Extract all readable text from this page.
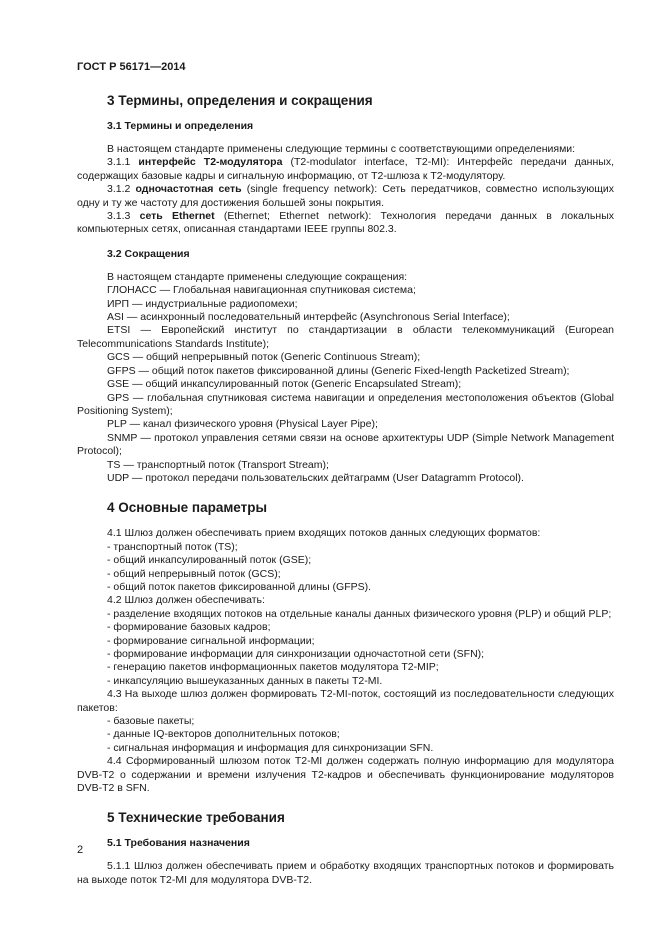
ГОСТ Р 56171—2014
3 Термины, определения и сокращения
3.1 Термины и определения

В настоящем стандарте применены следующие термины с соответствующими определениями:

3.1.1 интерфейс Т2-модулятора (T2-modulator interface, T2-MI): Интерфейс передачи данных, содержащих базовые кадры и сигнальную информацию, от Т2-шлюза к Т2-модулятору.

3.1.2 одночастотная сеть (single frequency network): Сеть передатчиков, совместно использующих одну и ту же частоту для достижения большей зоны покрытия.

3.1.3 сеть Ethernet (Ethernet; Ethernet network): Технология передачи данных в локальных компьютерных сетях, описанная стандартами IEEE группы 802.3.

3.2 Сокращения

В настоящем стандарте применены следующие сокращения:

ГЛОНАСС — Глобальная навигационная спутниковая система;

ИРП — индустриальные радиопомехи;

ASI — асинхронный последовательный интерфейс (Asynchronous Serial Interface);

ETSI — Европейский институт по стандартизации в области телекоммуникаций (European Telecommunications Standards Institute);

GCS — общий непрерывный поток (Generic Continuous Stream);

GFPS — общий поток пакетов фиксированной длины (Generic Fixed-length Packetized Stream);

GSE — общий инкапсулированный поток (Generic Encapsulated Stream);

GPS — глобальная спутниковая система навигации и определения местоположения объектов (Global Positioning System);

PLP — канал физического уровня (Physical Layer Pipe);

SNMP — протокол управления сетями связи на основе архитектуры UDP (Simple Network Management Protocol);

TS — транспортный поток (Transport Stream);

UDP — протокол передачи пользовательских дейтаграмм (User Datagramm Protocol).

4 Основные параметры

4.1 Шлюз должен обеспечивать прием входящих потоков данных следующих форматов:

- транспортный поток (TS);

- общий инкапсулированный поток (GSE);

- общий непрерывный поток (GCS);

- общий поток пакетов фиксированной длины (GFPS).

4.2 Шлюз должен обеспечивать:

- разделение входящих потоков на отдельные каналы данных физического уровня (PLP) и общий PLP;

- формирование базовых кадров;

- формирование сигнальной информации;

- формирование информации для синхронизации одночастотной сети (SFN);

- генерацию пакетов информационных пакетов модулятора T2-MIP;

- инкапсуляцию вышеуказанных данных в пакеты T2-MI.

4.3 На выходе шлюз должен формировать Т2-MI-поток, состоящий из последовательности следующих пакетов:

- базовые пакеты;

- данные IQ-векторов дополнительных потоков;

- сигнальная информация и информация для синхронизации SFN.

4.4 Сформированный шлюзом поток T2-MI должен содержать полную информацию для модулятора DVB-T2 о содержании и времени излучения Т2-кадров и обеспечивать функционирование модуляторов DVB-T2 в SFN.

5 Технические требования
5.1 Требования назначения

5.1.1 Шлюз должен обеспечивать прием и обработку входящих транспортных потоков и формировать на выходе поток Т2-MI для модулятора DVB-T2.

2
